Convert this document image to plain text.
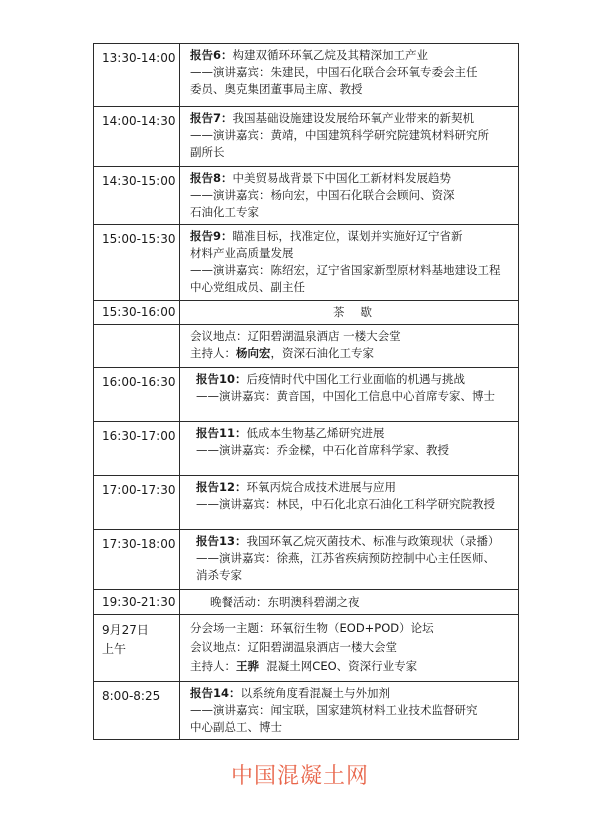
13:30-14:00	报告6：构建双循环环氧乙烷及其精深加工产业
——演讲嘉宾：朱建民，中国石化联合会环氧专委会主任
委员、奥克集团董事局主席、教授

14:00-14:30	报告7：我国基础设施建设发展给环氧产业带来的新契机
——演讲嘉宾：黄靖，中国建筑科学研究院建筑材料研究所
副所长

14:30-15:00	报告8：中美贸易战背景下中国化工新材料发展趋势
——演讲嘉宾：杨向宏，中国石化联合会顾问、资深
石油化工专家

15:00-15:30	报告9：瞄准目标，找准定位，谋划并实施好辽宁省新
材料产业高质量发展
——演讲嘉宾：陈绍宏，辽宁省国家新型原材料基地建设工程
中心党组成员、副主任

15:30-16:00	茶歇

	会议地点：辽阳碧湖温泉酒店 一楼大会堂
主持人：杨向宏，资深石油化工专家

16:00-16:30	报告10：后疫情时代中国化工行业面临的机遇与挑战
——演讲嘉宾：黄音国，中国化工信息中心首席专家、博士

16:30-17:00	报告11：低成本生物基乙烯研究进展
——演讲嘉宾：乔金樑，中石化首席科学家、教授

17:00-17:30	报告12：环氧丙烷合成技术进展与应用
——演讲嘉宾：林民，中石化北京石油化工科学研究院教授

17:30-18:00	报告13：我国环氧乙烷灭菌技术、标准与政策现状（录播）
——演讲嘉宾：徐燕，江苏省疾病预防控制中心主任医师、
消杀专家

19:30-21:30	晚餐活动：东明澳科碧湖之夜

9月27日
上午	分会场一主题：环氧衍生物（EOD+POD）论坛
会议地点：辽阳碧湖温泉酒店一楼大会堂
主持人：王骅  混凝土网CEO、资深行业专家

8:00-8:25	报告14：以系统角度看混凝土与外加剂
——演讲嘉宾：闻宝联，国家建筑材料工业技术监督研究
中心副总工、博士
中国混凝土网
